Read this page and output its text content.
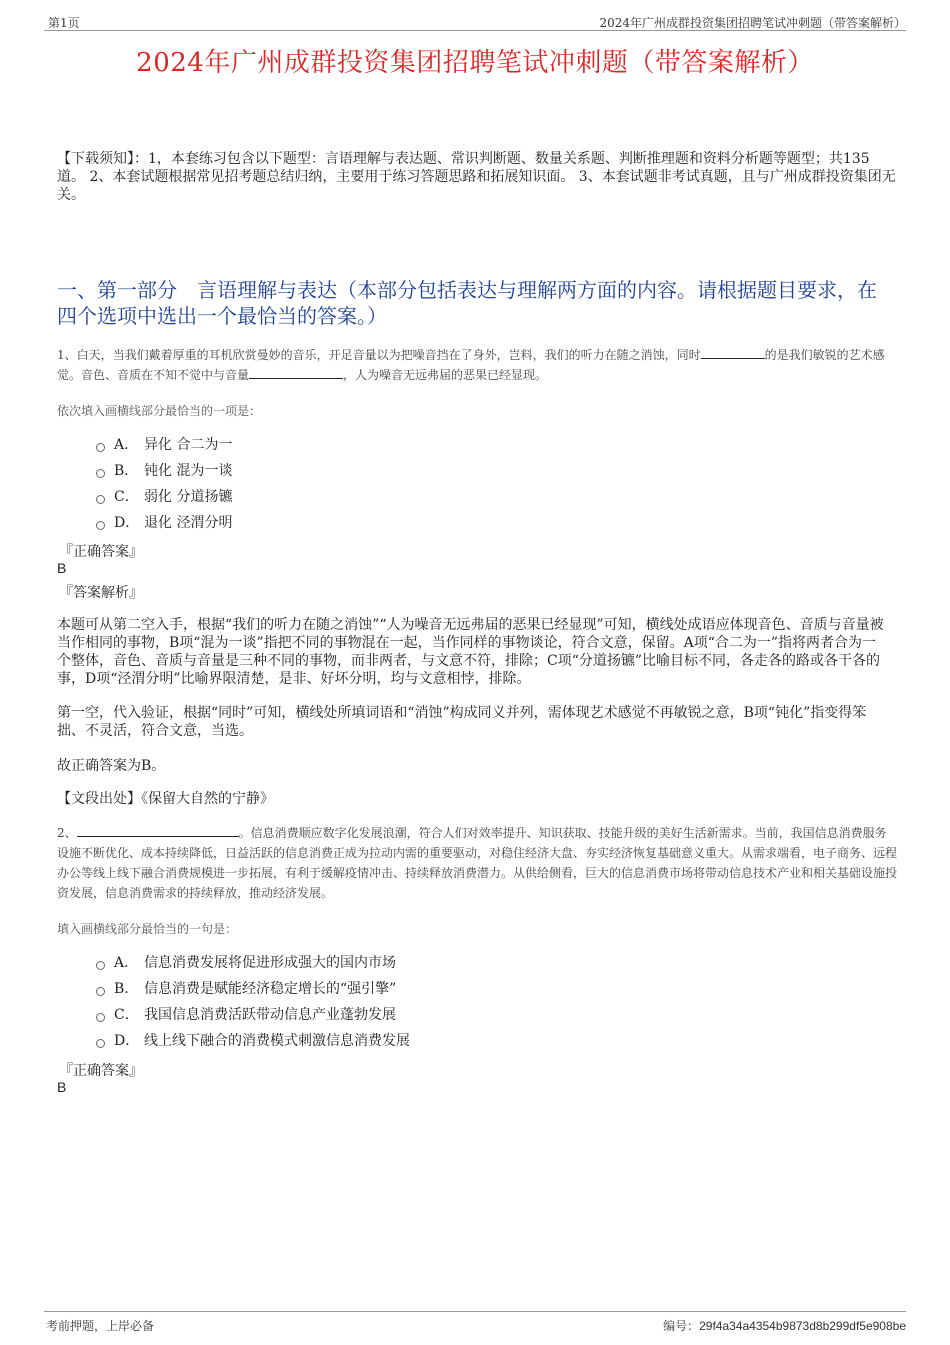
第1页	2024年广州成群投资集团招聘笔试冲刺题（带答案解析）
2024年广州成群投资集团招聘笔试冲刺题（带答案解析）
【下载须知】：1，本套练习包含以下题型：言语理解与表达题、常识判断题、数量关系题、判断推理题和资料分析题等题型；共135道。 2、本套试题根据常见招考题总结归纳，主要用于练习答题思路和拓展知识面。 3、本套试题非考试真题，且与广州成群投资集团无关。
一、第一部分　言语理解与表达（本部分包括表达与理解两方面的内容。请根据题目要求，在四个选项中选出一个最恰当的答案。）
1、白天，当我们戴着厚重的耳机欣赏曼妙的音乐，开足音量以为把噪音挡在了身外，岂料，我们的听力在随之消蚀，同时	的是我们敏锐的艺术感觉。音色、音质在不知不觉中与音量	，人为噪音无远弗届的恶果已经显现。
依次填入画横线部分最恰当的一项是：
A． 异化 合二为一
B． 钝化 混为一谈
C． 弱化 分道扬镳
D． 退化 泾渭分明
『正确答案』
B
『答案解析』
本题可从第二空入手，根据“我们的听力在随之消蚀”“人为噪音无远弗届的恶果已经显现”可知，横线处成语应体现音色、音质与音量被当作相同的事物，B项“混为一谈”指把不同的事物混在一起，当作同样的事物谈论，符合文意，保留。A项“合二为一”指将两者合为一个整体，音色、音质与音量是三种不同的事物，而非两者，与文意不符，排除；C项“分道扬镳”比喻目标不同，各走各的路或各干各的事，D项“泾渭分明”比喻界限清楚，是非、好坏分明，均与文意相悖，排除。
第一空，代入验证，根据“同时”可知，横线处所填词语和“消蚀”构成同义并列，需体现艺术感觉不再敏锐之意，B项“钝化”指变得笨拙、不灵活，符合文意，当选。
故正确答案为B。
【文段出处】《保留大自然的宁静》
2、	。信息消费顺应数字化发展浪潮，符合人们对效率提升、知识获取、技能升级的美好生活新需求。当前，我国信息消费服务设施不断优化、成本持续降低，日益活跃的信息消费正成为拉动内需的重要驱动，对稳住经济大盘、夯实经济恢复基础意义重大。从需求端看，电子商务、远程办公等线上线下融合消费规模进一步拓展，有利于缓解疫情冲击、持续释放消费潜力。从供给侧看，巨大的信息消费市场将带动信息技术产业和相关基础设施投资发展，信息消费需求的持续释放，推动经济发展。
填入画横线部分最恰当的一句是：
A． 信息消费发展将促进形成强大的国内市场
B． 信息消费是赋能经济稳定增长的“强引擎”
C． 我国信息消费活跃带动信息产业蓬勃发展
D． 线上线下融合的消费模式刺激信息消费发展
『正确答案』
B
考前押题，上岸必备	编号：29f4a34a4354b9873d8b299df5e908be
